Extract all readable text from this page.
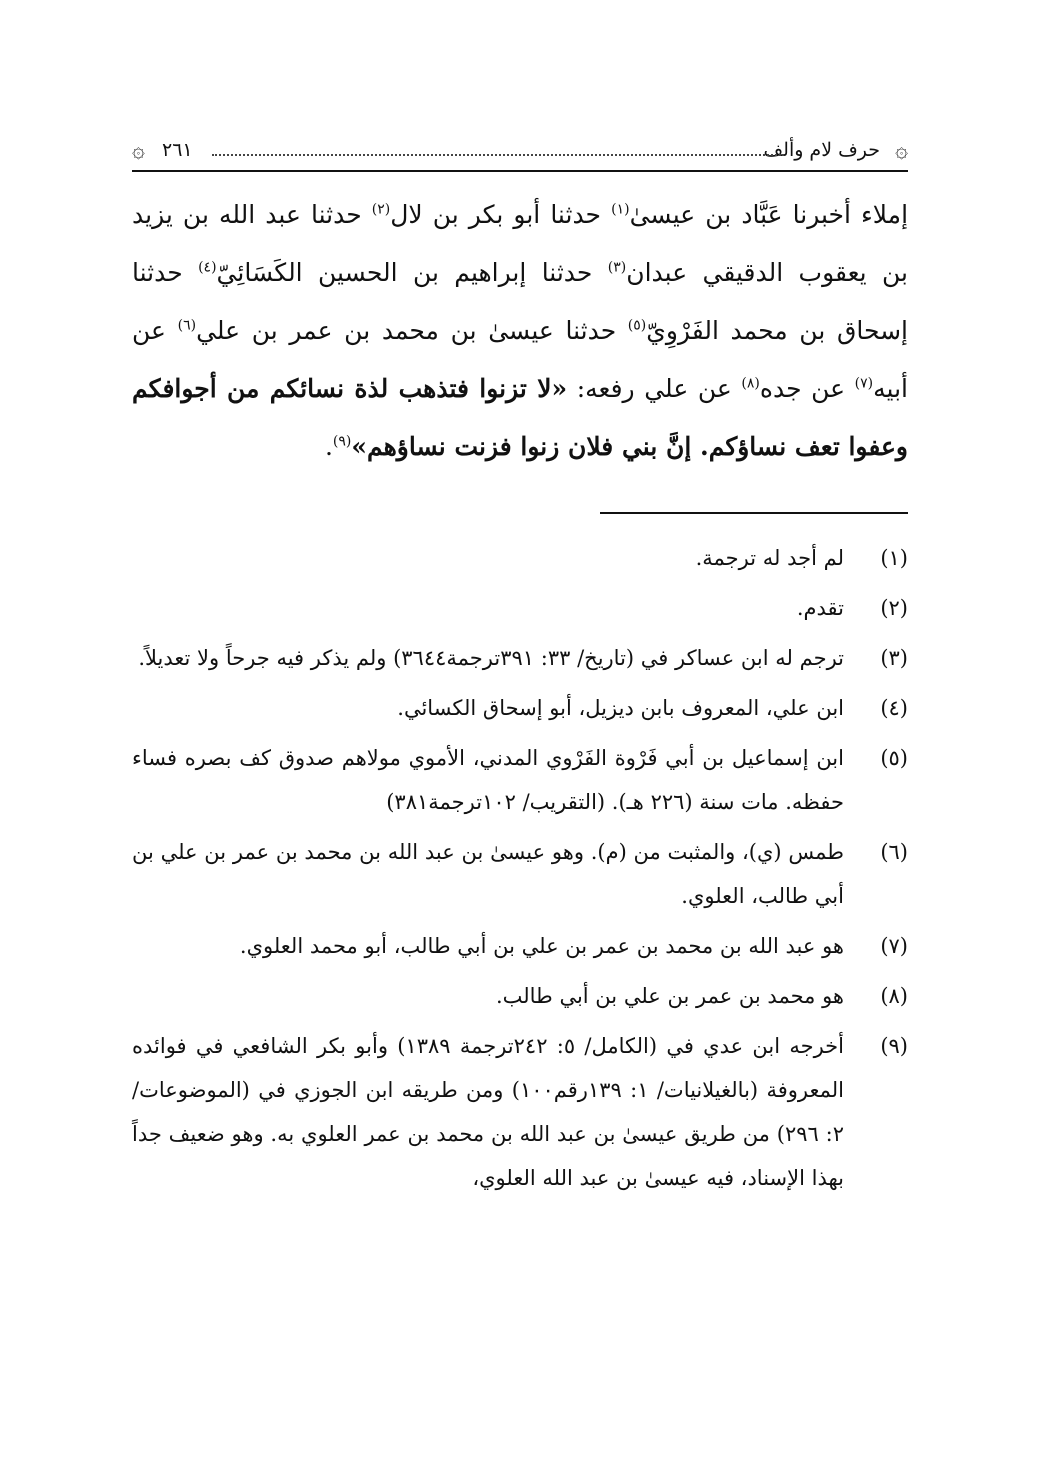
۞
حرف لام وألف
٢٦١
۞
إملاء أخبرنا عَبَّاد بن عيسىٰ$^{(١)}$ حدثنا أبو بكر بن لال$^{(٢)}$ حدثنا عبد الله بن يزيد بن يعقوب الدقيقي عبدان$^{(٣)}$ حدثنا إبراهيم بن الحسين الكَسَائِيّ$^{(٤)}$ حدثنا إسحاق بن محمد الفَرْوِيّ$^{(٥)}$ حدثنا عيسىٰ بن محمد بن عمر بن علي$^{(٦)}$ عن أبيه$^{(٧)}$ عن جده$^{(٨)}$ عن علي رفعه: «لا تزنوا فتذهب لذة نسائكم من أجوافكم وعفوا تعف نساؤكم. إنَّ بني فلان زنوا فزنت نساؤهم»$^{(٩)}$.
(١)
لم أجد له ترجمة.
(٢)
تقدم.
(٣)
ترجم له ابن عساكر في (تاريخ/ ٣٣: ٣٩١ترجمة٣٦٤٤) ولم يذكر فيه جرحاً ولا تعديلاً.
(٤)
ابن علي، المعروف بابن ديزيل، أبو إسحاق الكسائي.
(٥)
ابن إسماعيل بن أبي فَرْوة الفَرْوي المدني، الأموي مولاهم صدوق كف بصره فساء حفظه. مات سنة (٢٢٦ هـ). (التقريب/ ١٠٢ترجمة٣٨١)
(٦)
طمس (ي)، والمثبت من (م). وهو عيسىٰ بن عبد الله بن محمد بن عمر بن علي بن أبي طالب، العلوي.
(٧)
هو عبد الله بن محمد بن عمر بن علي بن أبي طالب، أبو محمد العلوي.
(٨)
هو محمد بن عمر بن علي بن أبي طالب.
(٩)
أخرجه ابن عدي في (الكامل/ ٥: ٢٤٢ترجمة ١٣٨٩) وأبو بكر الشافعي في فوائده المعروفة (بالغيلانيات/ ١: ١٣٩رقم١٠٠) ومن طريقه ابن الجوزي في (الموضوعات/ ٢: ٢٩٦) من طريق عيسىٰ بن عبد الله بن محمد بن عمر العلوي به. وهو ضعيف جداً بهذا الإسناد، فيه عيسىٰ بن عبد الله العلوي،
